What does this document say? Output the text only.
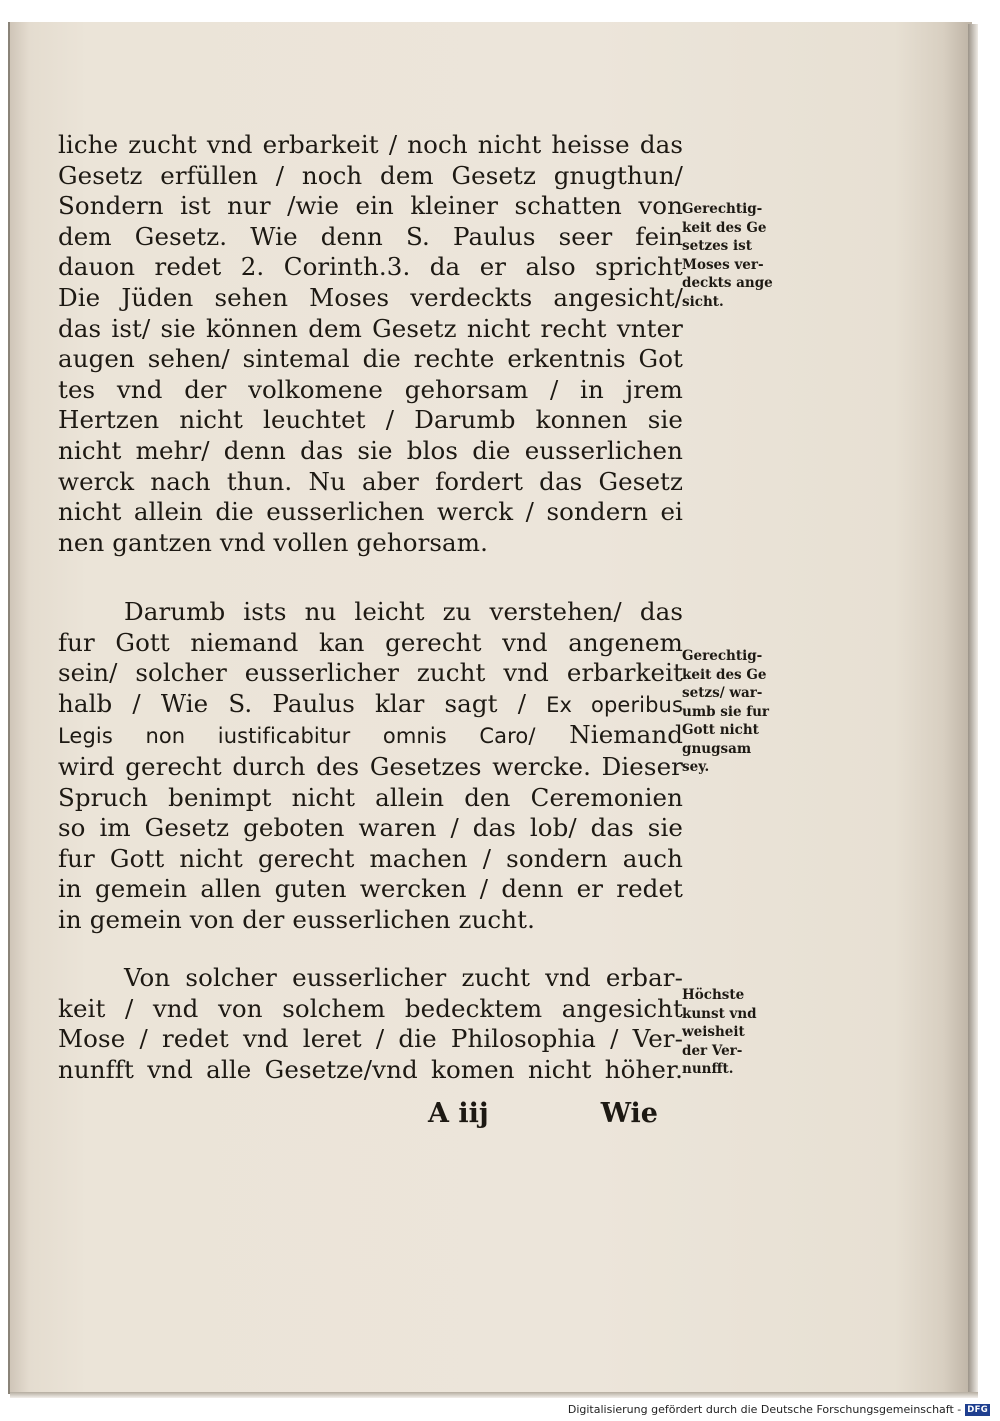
liche zucht vnd erbarkeit / noch nicht heisse das
Gesetz erfüllen / noch dem Gesetz gnugthun/
Sondern ist nur /wie ein kleiner schatten von
dem Gesetz. Wie denn S. Paulus seer fein
dauon redet 2. Corinth.3. da er also spricht
Die Jüden sehen Moses verdeckts angesicht/
das ist/ sie können dem Gesetz nicht recht vnter
augen sehen/ sintemal die rechte erkentnis Got
tes vnd der volkomene gehorsam / in jrem
Hertzen nicht leuchtet / Darumb konnen sie
nicht mehr/ denn das sie blos die eusserlichen
werck nach thun. Nu aber fordert das Gesetz
nicht allein die eusserlichen werck / sondern ei
nen gantzen vnd vollen gehorsam.
Darumb ists nu leicht zu verstehen/ das
fur Gott niemand kan gerecht vnd angenem
sein/ solcher eusserlicher zucht vnd erbarkeit
halb / Wie S. Paulus klar sagt / Ex operibus
Legis non iustificabitur omnis Caro/ Niemand
wird gerecht durch des Gesetzes wercke. Dieser
Spruch benimpt nicht allein den Ceremonien
so im Gesetz geboten waren / das lob/ das sie
fur Gott nicht gerecht machen / sondern auch
in gemein allen guten wercken / denn er redet
in gemein von der eusserlichen zucht.
Von solcher eusserlicher zucht vnd erbar-
keit / vnd von solchem bedecktem angesicht
Mose / redet vnd leret / die Philosophia / Ver-
nunfft vnd alle Gesetze/vnd komen nicht höher.
Gerechtig-
keit des Ge
setzes ist
Moses ver-
deckts ange
sicht.
Gerechtig-
keit des Ge
setzs/ war-
umb sie fur
Gott nicht
gnugsam
sey.
Höchste
kunst vnd
weisheit
der Ver-
nunfft.
A iij	Wie
Digitalisierung gefördert durch die Deutsche Forschungsgemeinschaft - DFG
